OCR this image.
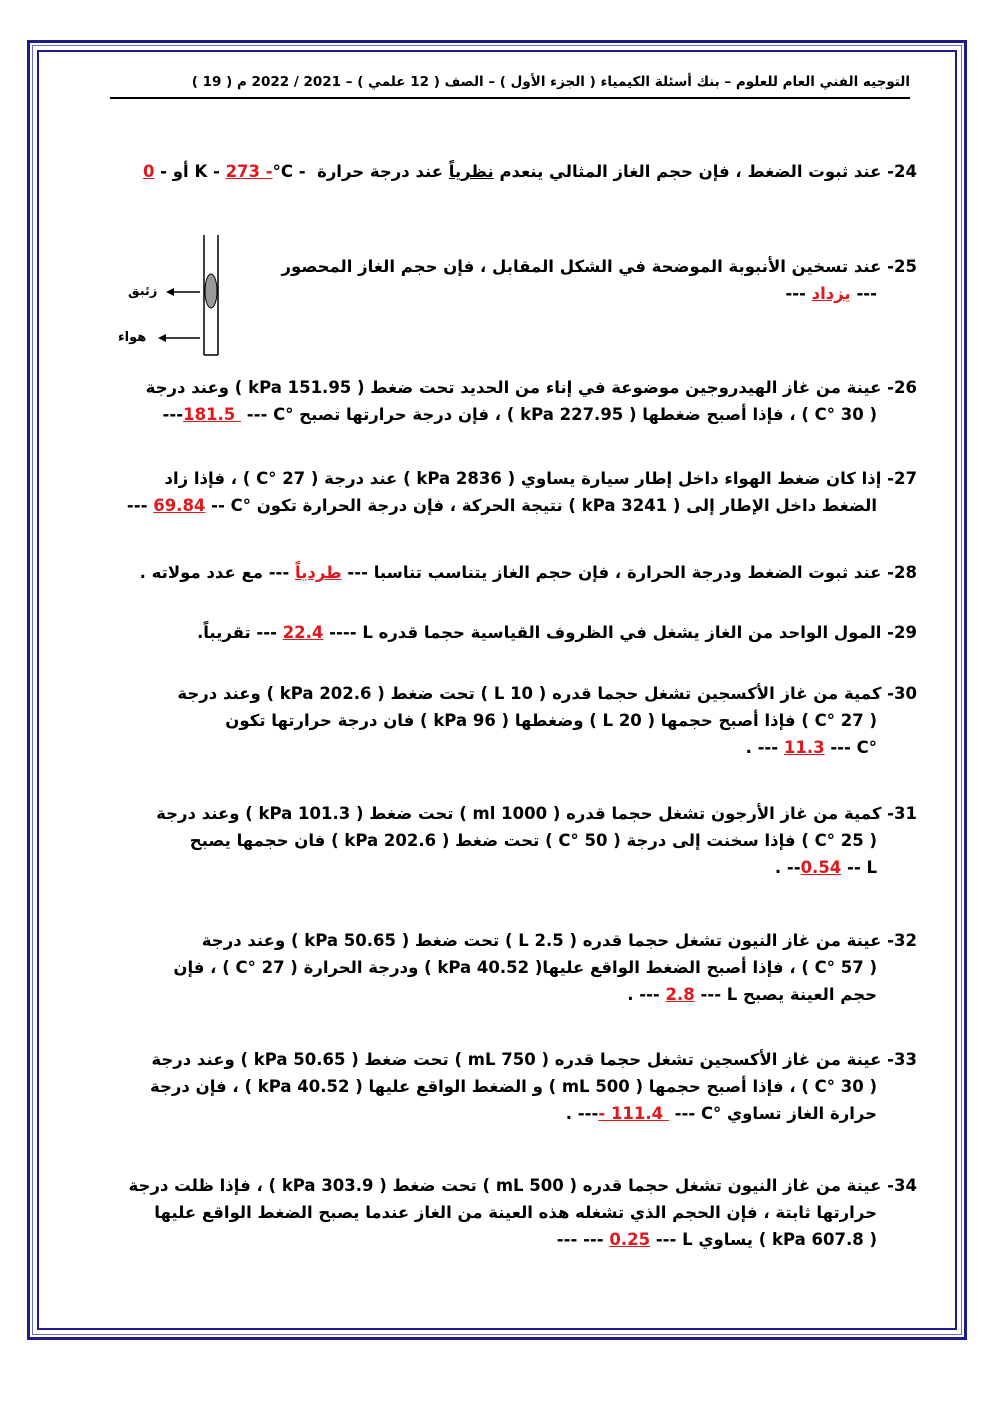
التوجيه الفني العام للعلوم – بنك أسئلة الكيمياء ( الجزء الأول ) – الصف ( 12 علمي ) – 2021 / 2022 م ( 19 )
24- عند ثبوت الضغط ، فإن حجم الغاز المثالي ينعدم نظرياً عند درجة حرارة °C - 273 - - أو K - 0
25- عند تسخين الأنبوبة الموضحة في الشكل المقابل ، فإن حجم الغاز المحصور
--- يزداد ---
زئبق
هواء
26- عينة من غاز الهيدروجين موضوعة في إناء من الحديد تحت ضغط ( 151.95 kPa ) وعند درجة
( 30 °C ) ، فإذا أصبح ضغطها ( 227.95 kPa ) ، فإن درجة حرارتها تصبح °C --- 181.5 ---
27- إذا كان ضغط الهواء داخل إطار سيارة يساوي ( 2836 kPa ) عند درجة ( 27 °C ) ، فإذا زاد
الضغط داخل الإطار إلى ( 3241 kPa ) نتيجة الحركة ، فإن درجة الحرارة تكون °C -- 69.84 ---
28- عند ثبوت الضغط ودرجة الحرارة ، فإن حجم الغاز يتناسب تناسبا --- طردياً --- مع عدد مولاته .
29- المول الواحد من الغاز يشغل في الظروف القياسية حجما قدره L ---- 22.4 --- تقريباً.
30- كمية من غاز الأكسجين تشغل حجما قدره ( 10 L ) تحت ضغط ( 202.6 kPa ) وعند درجة
( 27 °C ) فإذا أصبح حجمها ( 20 L ) وضغطها ( 96 kPa ) فان درجة حرارتها تكون
°C --- 11.3 --- .
31- كمية من غاز الأرجون تشغل حجما قدره ( 1000 ml ) تحت ضغط ( 101.3 kPa ) وعند درجة
( 25 °C ) فإذا سخنت إلى درجة ( 50 °C ) تحت ضغط ( 202.6 kPa ) فان حجمها يصبح
L -- 0.54-- .
32- عينة من غاز النيون تشغل حجما قدره ( 2.5 L ) تحت ضغط ( 50.65 kPa ) وعند درجة
( 57 °C ) ، فإذا أصبح الضغط الواقع عليها( 40.52 kPa ) ودرجة الحرارة ( 27 °C ) ، فإن
حجم العينة يصبح L --- 2.8 --- .
33- عينة من غاز الأكسجين تشغل حجما قدره ( 750 mL ) تحت ضغط ( 50.65 kPa ) وعند درجة
( 30 °C ) ، فإذا أصبح حجمها ( 500 mL ) و الضغط الواقع عليها ( 40.52 kPa ) ، فإن درجة
حرارة الغاز تساوي °C --- - 111.4 --- .
34- عينة من غاز النيون تشغل حجما قدره ( 500 mL ) تحت ضغط ( 303.9 kPa ) ، فإذا ظلت درجة
حرارتها ثابتة ، فإن الحجم الذي تشغله هذه العينة من الغاز عندما يصبح الضغط الواقع عليها
( 607.8 kPa ) يساوي L --- 0.25 --- ---
